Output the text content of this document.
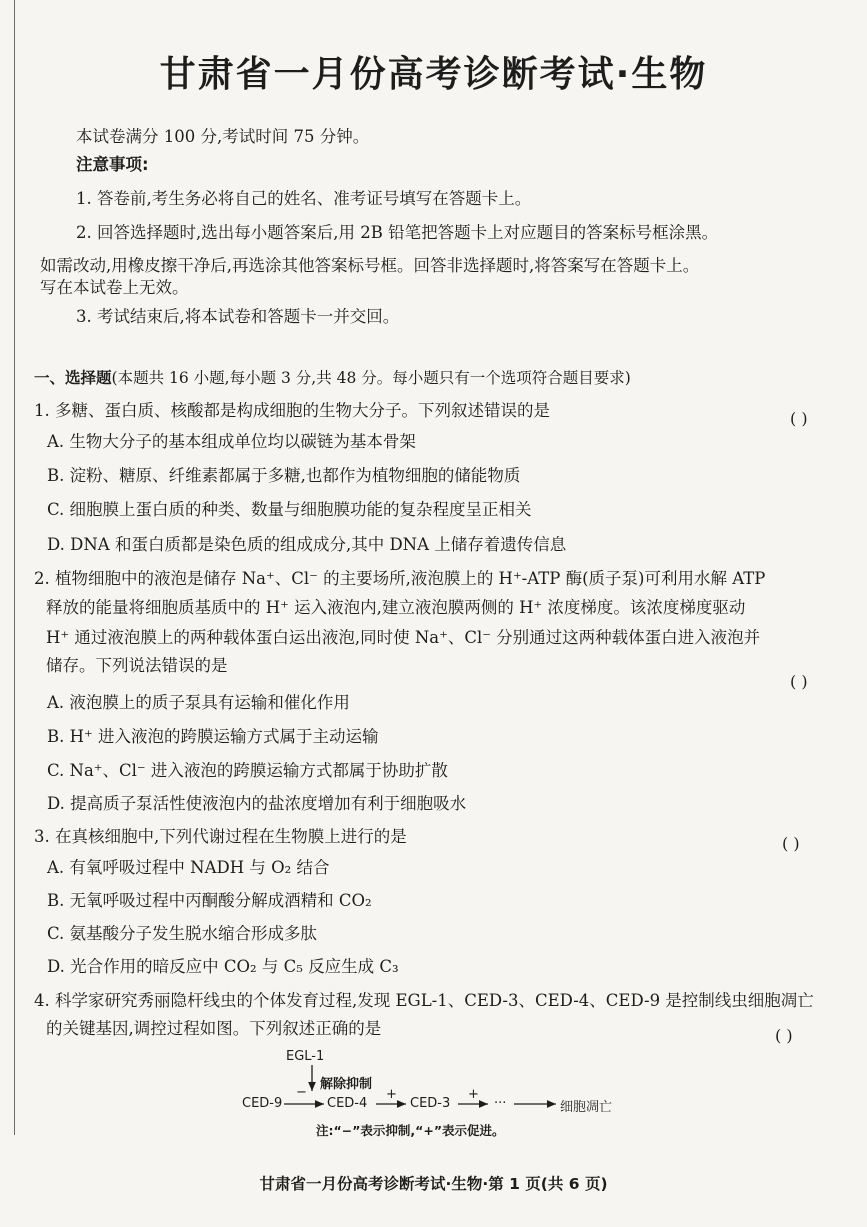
甘肃省一月份高考诊断考试·生物
本试卷满分 100 分,考试时间 75 分钟。
注意事项:
1. 答卷前,考生务必将自己的姓名、准考证号填写在答题卡上。
2. 回答选择题时,选出每小题答案后,用 2B 铅笔把答题卡上对应题目的答案标号框涂黑。
如需改动,用橡皮擦干净后,再选涂其他答案标号框。回答非选择题时,将答案写在答题卡上。
写在本试卷上无效。
3. 考试结束后,将本试卷和答题卡一并交回。
一、选择题(本题共 16 小题,每小题 3 分,共 48 分。每小题只有一个选项符合题目要求)
1. 多糖、蛋白质、核酸都是构成细胞的生物大分子。下列叙述错误的是	( )
A. 生物大分子的基本组成单位均以碳链为基本骨架
B. 淀粉、糖原、纤维素都属于多糖,也都作为植物细胞的储能物质
C. 细胞膜上蛋白质的种类、数量与细胞膜功能的复杂程度呈正相关
D. DNA 和蛋白质都是染色质的组成成分,其中 DNA 上储存着遗传信息
2. 植物细胞中的液泡是储存 Na⁺、Cl⁻ 的主要场所,液泡膜上的 H⁺-ATP 酶(质子泵)可利用水解 ATP
释放的能量将细胞质基质中的 H⁺ 运入液泡内,建立液泡膜两侧的 H⁺ 浓度梯度。该浓度梯度驱动
H⁺ 通过液泡膜上的两种载体蛋白运出液泡,同时使 Na⁺、Cl⁻ 分别通过这两种载体蛋白进入液泡并
储存。下列说法错误的是
( )
A. 液泡膜上的质子泵具有运输和催化作用
B. H⁺ 进入液泡的跨膜运输方式属于主动运输
C. Na⁺、Cl⁻ 进入液泡的跨膜运输方式都属于协助扩散
D. 提高质子泵活性使液泡内的盐浓度增加有利于细胞吸水
3. 在真核细胞中,下列代谢过程在生物膜上进行的是	( )
A. 有氧呼吸过程中 NADH 与 O₂ 结合
B. 无氧呼吸过程中丙酮酸分解成酒精和 CO₂
C. 氨基酸分子发生脱水缩合形成多肽
D. 光合作用的暗反应中 CO₂ 与 C₅ 反应生成 C₃
4. 科学家研究秀丽隐杆线虫的个体发育过程,发现 EGL-1、CED-3、CED-4、CED-9 是控制线虫细胞凋亡
的关键基因,调控过程如图。下列叙述正确的是	( )
EGL-1
解除抑制
−
CED-9	CED-4
+
CED-3
+
···	细胞凋亡
注:“−”表示抑制,“+”表示促进。
甘肃省一月份高考诊断考试·生物·第 1 页(共 6 页)
